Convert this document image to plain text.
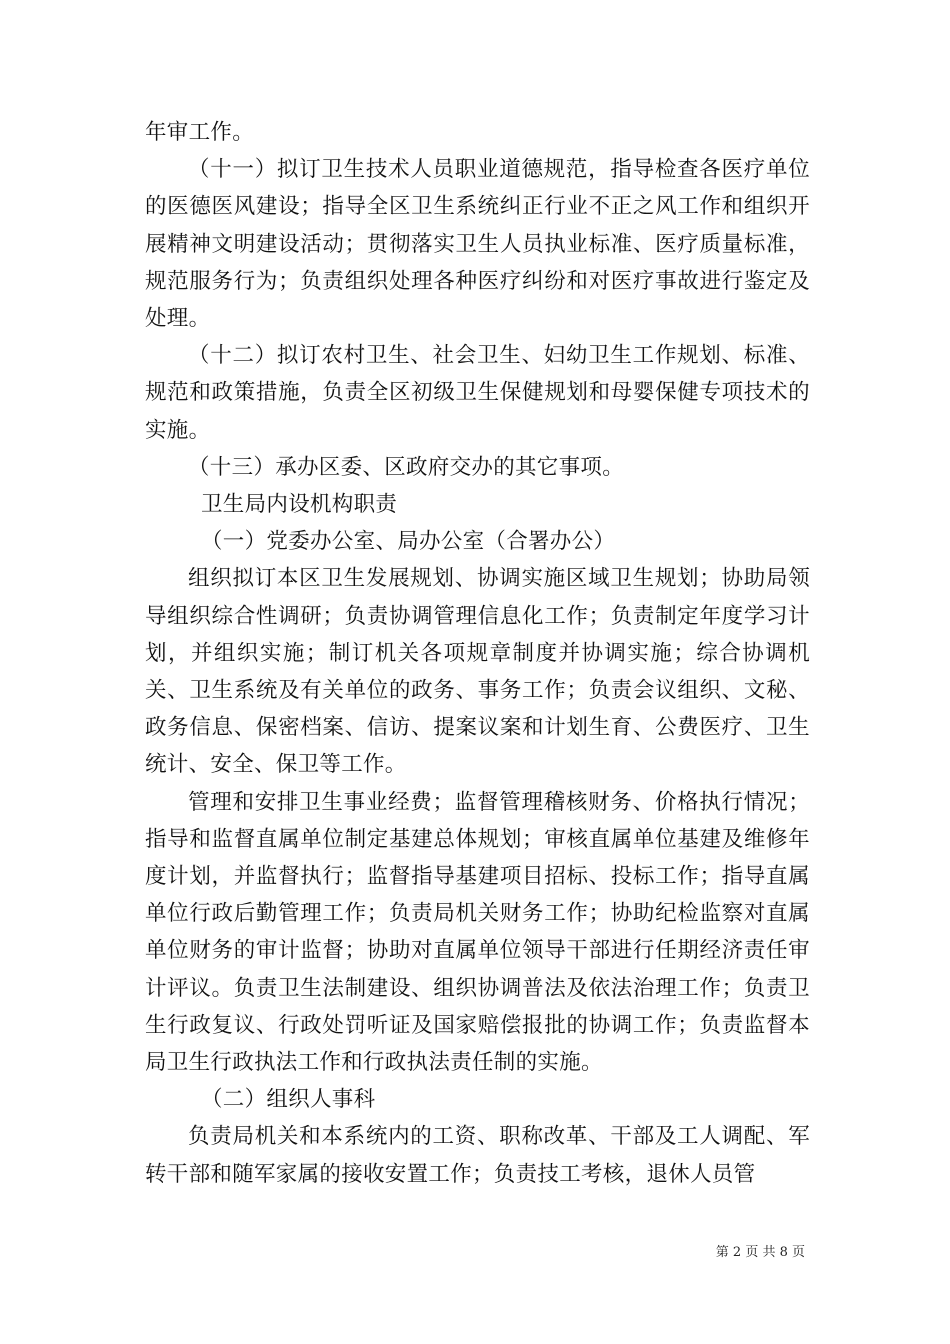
年审工作。

（十一）拟订卫生技术人员职业道德规范，指导检查各医疗单位的医德医风建设；指导全区卫生系统纠正行业不正之风工作和组织开展精神文明建设活动；贯彻落实卫生人员执业标准、医疗质量标准，规范服务行为；负责组织处理各种医疗纠纷和对医疗事故进行鉴定及处理。

（十二）拟订农村卫生、社会卫生、妇幼卫生工作规划、标准、规范和政策措施，负责全区初级卫生保健规划和母婴保健专项技术的实施。

（十三）承办区委、区政府交办的其它事项。

卫生局内设机构职责

（一）党委办公室、局办公室（合署办公）

组织拟订本区卫生发展规划、协调实施区域卫生规划；协助局领导组织综合性调研；负责协调管理信息化工作；负责制定年度学习计划，并组织实施；制订机关各项规章制度并协调实施；综合协调机关、卫生系统及有关单位的政务、事务工作；负责会议组织、文秘、政务信息、保密档案、信访、提案议案和计划生育、公费医疗、卫生统计、安全、保卫等工作。

管理和安排卫生事业经费；监督管理稽核财务、价格执行情况；指导和监督直属单位制定基建总体规划；审核直属单位基建及维修年度计划，并监督执行；监督指导基建项目招标、投标工作；指导直属单位行政后勤管理工作；负责局机关财务工作；协助纪检监察对直属单位财务的审计监督；协助对直属单位领导干部进行任期经济责任审计评议。负责卫生法制建设、组织协调普法及依法治理工作；负责卫生行政复议、行政处罚听证及国家赔偿报批的协调工作；负责监督本局卫生行政执法工作和行政执法责任制的实施。

（二）组织人事科

负责局机关和本系统内的工资、职称改革、干部及工人调配、军转干部和随军家属的接收安置工作；负责技工考核，退休人员管

第 2 页 共 8 页
